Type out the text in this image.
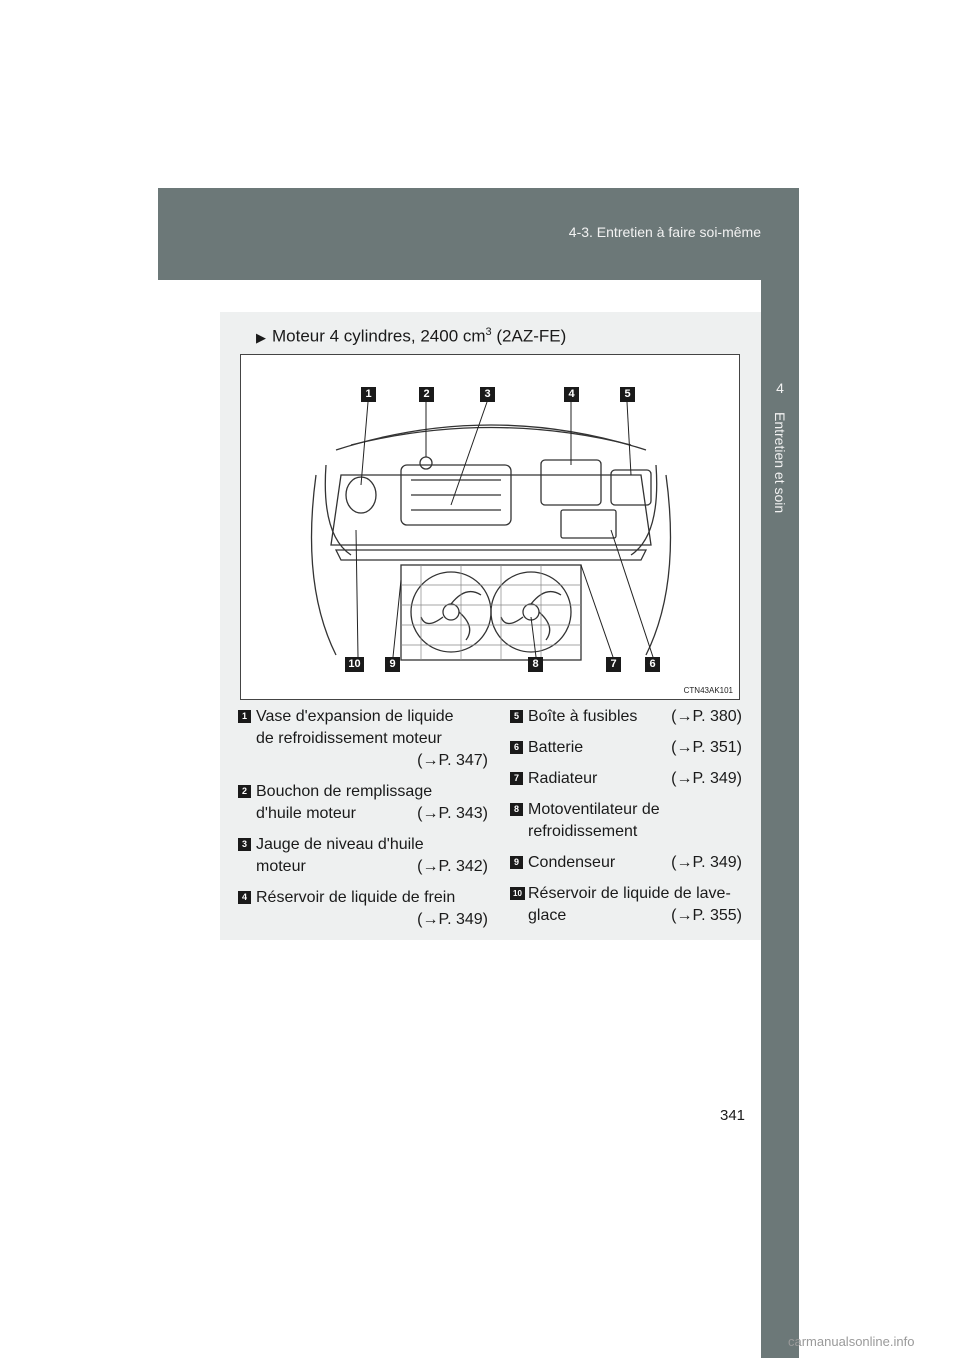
4-3. Entretien à faire soi-même
4
Entretien et soin
▶ Moteur 4 cylindres, 2400 $cm^3$ (2AZ-FE)
1	2	3	4	5
10	9	8	7	6
CTN43AK101
1 Vase d'expansion de liquide
de refroidissement moteur
(→P. 347)
2 Bouchon de remplissage
d'huile moteur	(→P. 343)
3 Jauge de niveau d'huile
moteur	(→P. 342)
4 Réservoir de liquide de frein
(→P. 349)
5 Boîte à fusibles (→P. 380)
6 Batterie	(→P. 351)
7 Radiateur	(→P. 349)
8 Motoventilateur de
refroidissement
9 Condenseur	(→P. 349)
10 Réservoir de liquide de lave-
glace	(→P. 355)
341
carmanualsonline.info
